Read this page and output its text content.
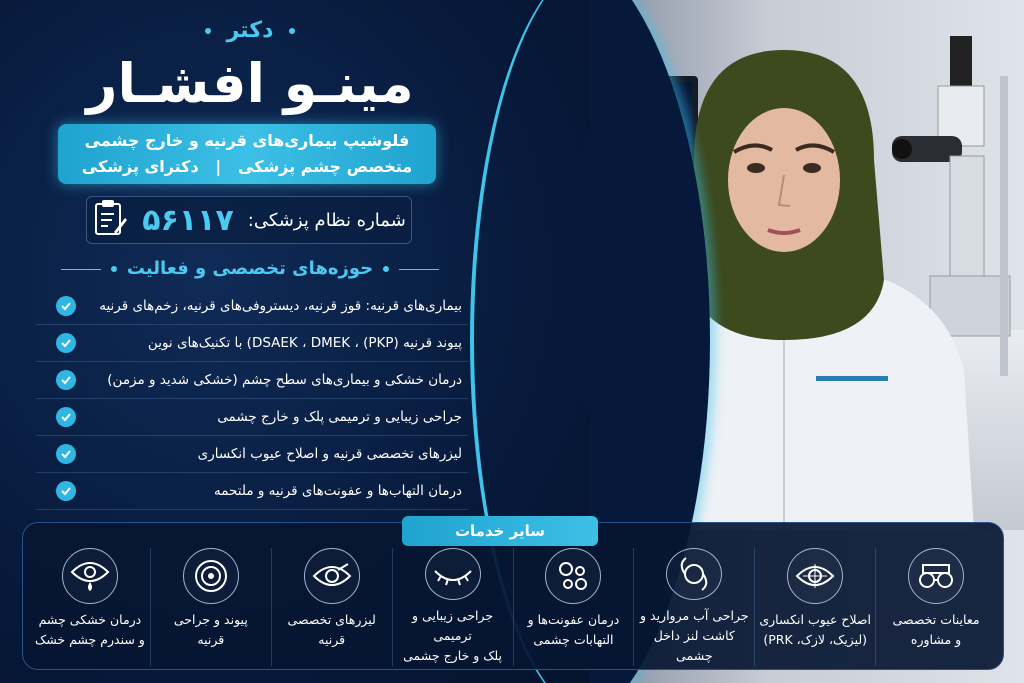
دکتر
مینـو افشـار
فلوشیپ بیماری‌های قرنیه و خارج چشمی
متخصص چشم پزشکی   |   دکترای پزشکی
شماره نظام پزشکی:
۵۶۱۱۷
حوزه‌های تخصصی و فعالیت
بیماری‌های قرنیه: قوز قرنیه، دیستروفی‌های قرنیه، زخم‌های قرنیه
پیوند قرنیه (PKP) ، DSAEK ، DMEK) با تکنیک‌های نوین
درمان خشکی و بیماری‌های سطح چشم (خشکی شدید و مزمن)
جراحی زیبایی و ترمیمی پلک و خارج چشمی
لیزرهای تخصصی قرنیه و اصلاح عیوب انکساری
درمان التهاب‌ها و عفونت‌های قرنیه و ملتحمه
سایر خدمات
معاینات تخصصی
و مشاوره
اصلاح عیوب انکساری
(لیزیک، لازک، PRK)
جراحی آب مروارید و
کاشت لنز داخل چشمی
درمان عفونت‌ها و
التهابات چشمی
جراحی زیبایی و ترمیمی
پلک و خارج چشمی
لیزرهای تخصصی
قرنیه
پیوند و جراحی
قرنیه
درمان خشکی چشم
و سندرم چشم خشک
